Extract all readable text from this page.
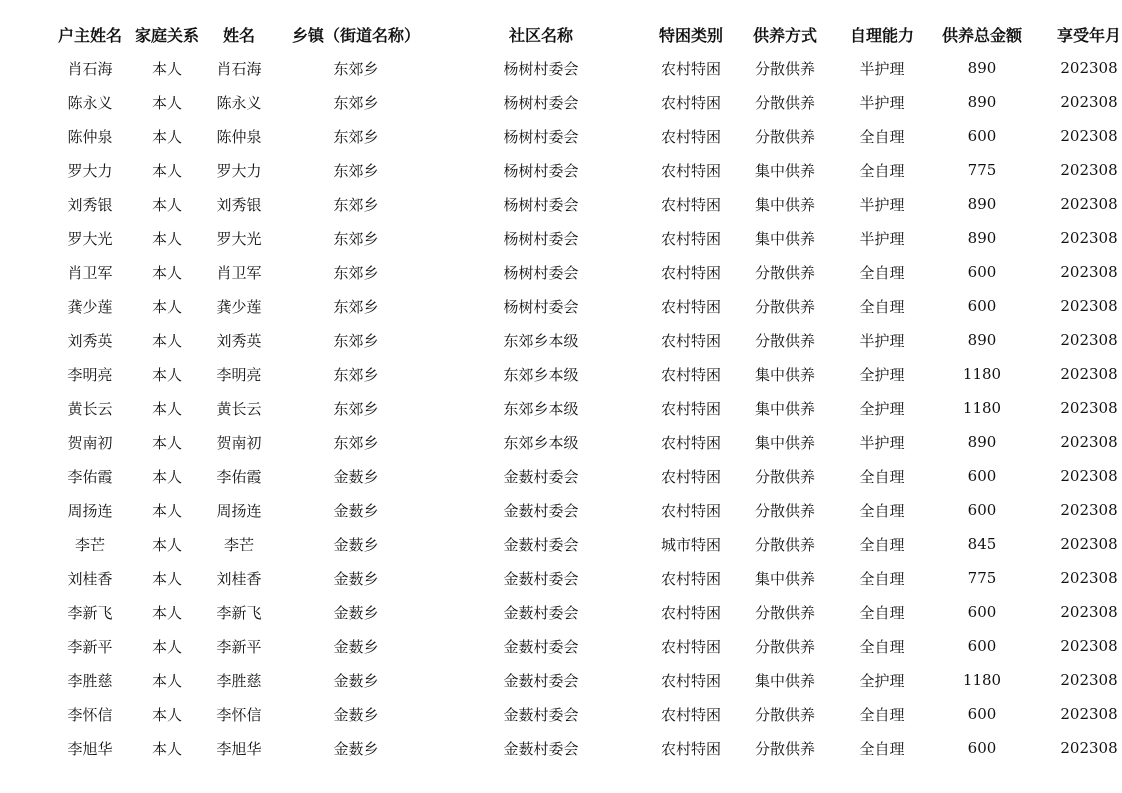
户主姓名	家庭关系	姓名	乡镇（街道名称）	社区名称	特困类别	供养方式	自理能力	供养总金额	享受年月
肖石海	本人	肖石海	东郊乡	杨树村委会	农村特困	分散供养	半护理	890	202308
陈永义	本人	陈永义	东郊乡	杨树村委会	农村特困	分散供养	半护理	890	202308
陈仲泉	本人	陈仲泉	东郊乡	杨树村委会	农村特困	分散供养	全自理	600	202308
罗大力	本人	罗大力	东郊乡	杨树村委会	农村特困	集中供养	全自理	775	202308
刘秀银	本人	刘秀银	东郊乡	杨树村委会	农村特困	集中供养	半护理	890	202308
罗大光	本人	罗大光	东郊乡	杨树村委会	农村特困	集中供养	半护理	890	202308
肖卫军	本人	肖卫军	东郊乡	杨树村委会	农村特困	分散供养	全自理	600	202308
龚少莲	本人	龚少莲	东郊乡	杨树村委会	农村特困	分散供养	全自理	600	202308
刘秀英	本人	刘秀英	东郊乡	东郊乡本级	农村特困	分散供养	半护理	890	202308
李明亮	本人	李明亮	东郊乡	东郊乡本级	农村特困	集中供养	全护理	1180	202308
黄长云	本人	黄长云	东郊乡	东郊乡本级	农村特困	集中供养	全护理	1180	202308
贺南初	本人	贺南初	东郊乡	东郊乡本级	农村特困	集中供养	半护理	890	202308
李佑霞	本人	李佑霞	金薮乡	金薮村委会	农村特困	分散供养	全自理	600	202308
周扬连	本人	周扬连	金薮乡	金薮村委会	农村特困	分散供养	全自理	600	202308
李芒	本人	李芒	金薮乡	金薮村委会	城市特困	分散供养	全自理	845	202308
刘桂香	本人	刘桂香	金薮乡	金薮村委会	农村特困	集中供养	全自理	775	202308
李新飞	本人	李新飞	金薮乡	金薮村委会	农村特困	分散供养	全自理	600	202308
李新平	本人	李新平	金薮乡	金薮村委会	农村特困	分散供养	全自理	600	202308
李胜慈	本人	李胜慈	金薮乡	金薮村委会	农村特困	集中供养	全护理	1180	202308
李怀信	本人	李怀信	金薮乡	金薮村委会	农村特困	分散供养	全自理	600	202308
李旭华	本人	李旭华	金薮乡	金薮村委会	农村特困	分散供养	全自理	600	202308
